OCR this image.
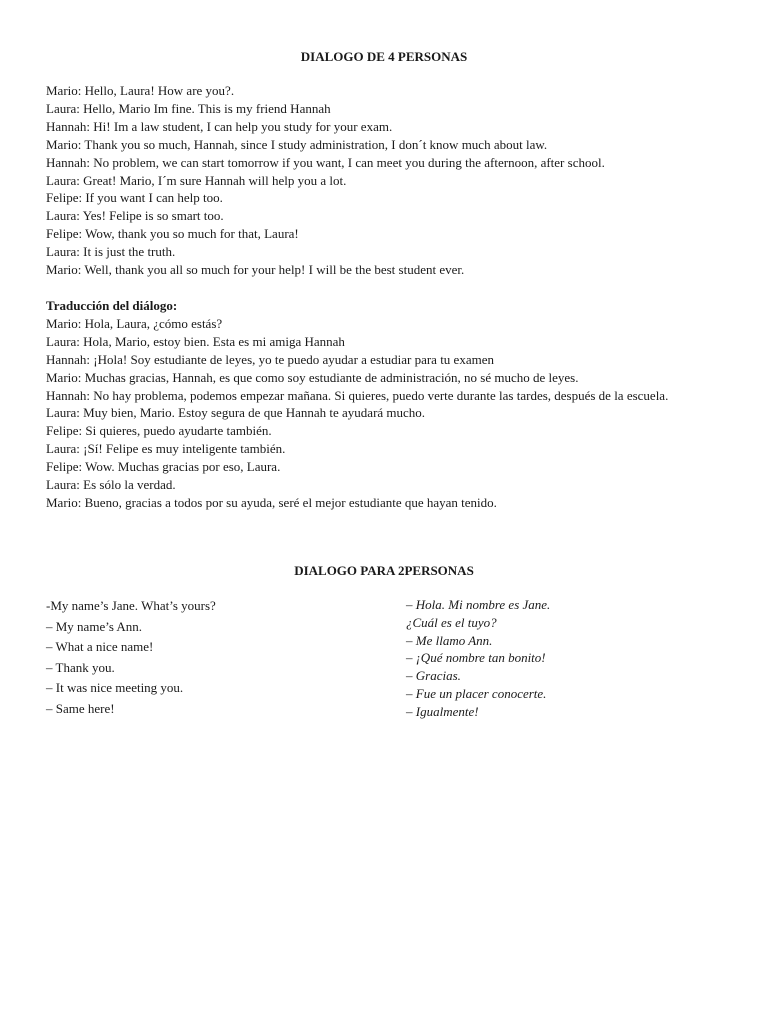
DIALOGO DE 4 PERSONAS
Mario: Hello, Laura! How are you?.
Laura: Hello, Mario Im fine. This is my friend Hannah
Hannah: Hi! Im a law student, I can help you study for your exam.
Mario: Thank you so much, Hannah, since I study administration, I don´t know much about law.
Hannah: No problem, we can start tomorrow if you want, I can meet you during the afternoon, after school.
Laura: Great! Mario, I´m sure Hannah will help you a lot.
Felipe: If you want I can help too.
Laura: Yes! Felipe is so smart too.
Felipe: Wow, thank you so much for that, Laura!
Laura: It is just the truth.
Mario: Well, thank you all so much for your help! I will be the best student ever.
Traducción del diálogo:
Mario: Hola, Laura, ¿cómo estás?
Laura: Hola, Mario, estoy bien. Esta es mi amiga Hannah
Hannah: ¡Hola! Soy estudiante de leyes, yo te puedo ayudar a estudiar para tu examen
Mario: Muchas gracias, Hannah, es que como soy estudiante de administración, no sé mucho de leyes.
Hannah: No hay problema, podemos empezar mañana. Si quieres, puedo verte durante las tardes, después de la escuela.
Laura: Muy bien, Mario. Estoy segura de que Hannah te ayudará mucho.
Felipe: Si quieres, puedo ayudarte también.
Laura: ¡Sí! Felipe es muy inteligente también.
Felipe: Wow. Muchas gracias por eso, Laura.
Laura: Es sólo la verdad.
Mario: Bueno, gracias a todos por su ayuda, seré el mejor estudiante que hayan tenido.
DIALOGO PARA 2PERSONAS
-My name’s Jane. What’s yours?
– My name’s Ann.
– What a nice name!
– Thank you.
– It was nice meeting you.
– Same here!
– Hola. Mi nombre es Jane.
¿Cuál es el tuyo?
– Me llamo Ann.
– ¡Qué nombre tan bonito!
– Gracias.
– Fue un placer conocerte.
– Igualmente!
